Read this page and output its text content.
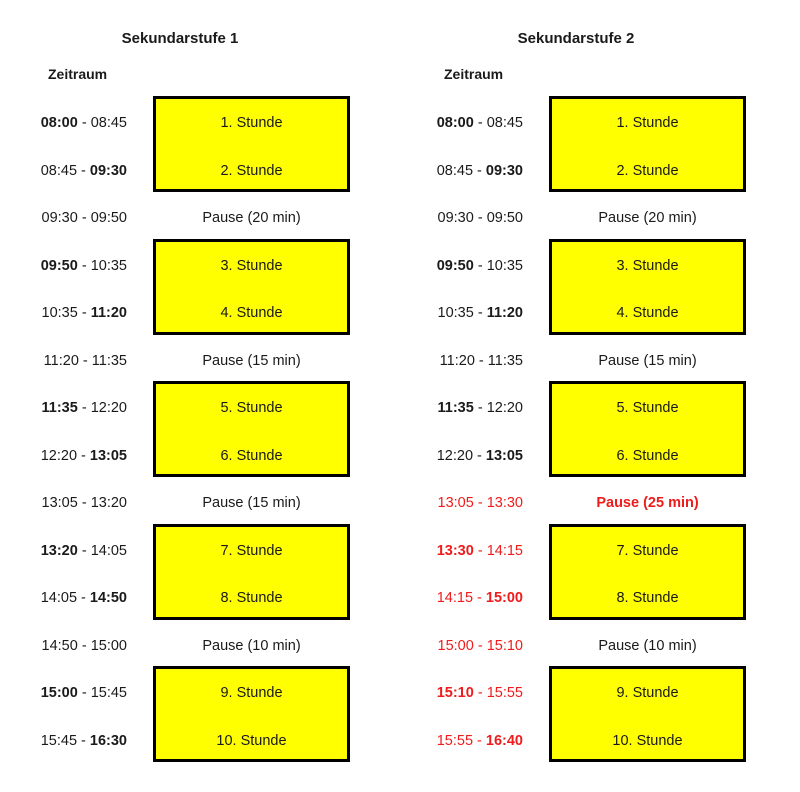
Sekundarstufe 1
Zeitraum
08:00 - 08:45	1. Stunde
08:45 - 09:30	2. Stunde
09:30 - 09:50	Pause (20 min)
09:50 - 10:35	3. Stunde
10:35 - 11:20	4. Stunde
11:20 - 11:35	Pause (15 min)
11:35 - 12:20	5. Stunde
12:20 - 13:05	6. Stunde
13:05 - 13:20	Pause (15 min)
13:20 - 14:05	7. Stunde
14:05 - 14:50	8. Stunde
14:50 - 15:00	Pause (10 min)
15:00 - 15:45	9. Stunde
15:45 - 16:30	10. Stunde
Sekundarstufe 2
Zeitraum
08:00 - 08:45	1. Stunde
08:45 - 09:30	2. Stunde
09:30 - 09:50	Pause (20 min)
09:50 - 10:35	3. Stunde
10:35 - 11:20	4. Stunde
11:20 - 11:35	Pause (15 min)
11:35 - 12:20	5. Stunde
12:20 - 13:05	6. Stunde
13:05 - 13:30	Pause (25 min)
13:30 - 14:15	7. Stunde
14:15 - 15:00	8. Stunde
15:00 - 15:10	Pause (10 min)
15:10 - 15:55	9. Stunde
15:55 - 16:40	10. Stunde
